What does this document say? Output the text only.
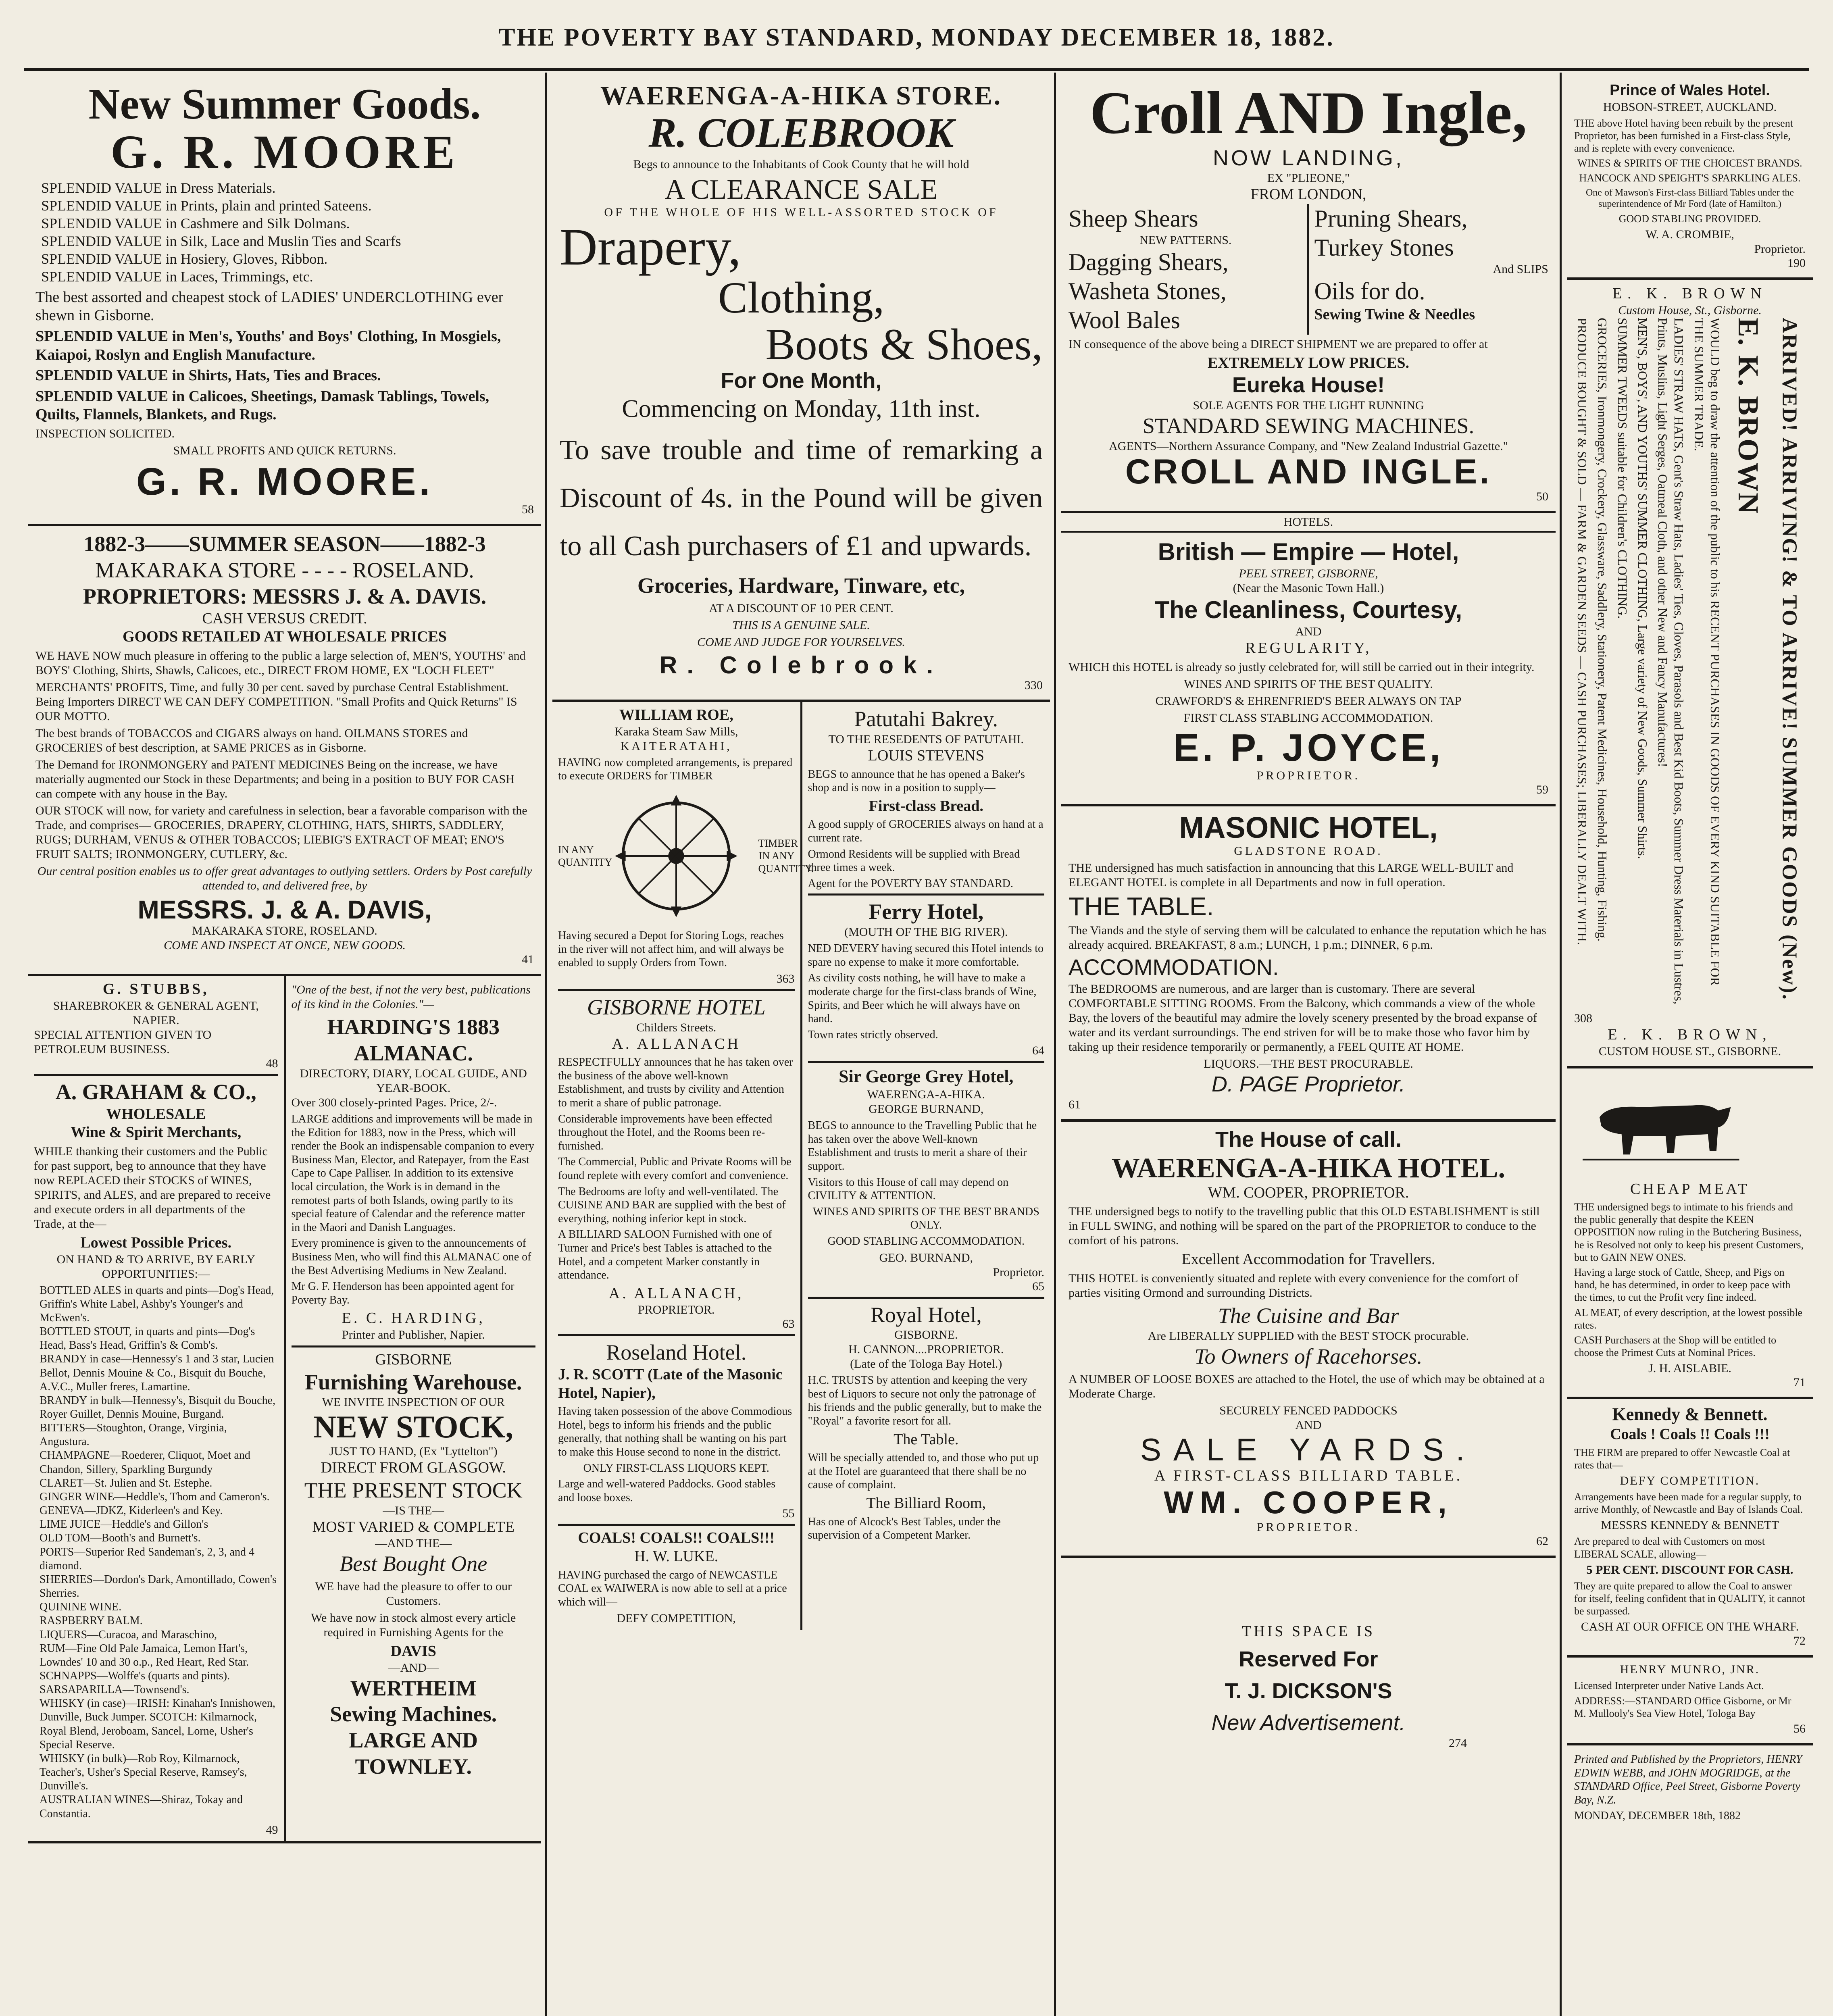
THE POVERTY BAY STANDARD, MONDAY DECEMBER 18, 1882.
New Summer Goods.
G. R. MOORE
SPLENDID VALUE in Dress Materials.
SPLENDID VALUE in Prints, plain and printed Sateens.
SPLENDID VALUE in Cashmere and Silk Dolmans.
SPLENDID VALUE in Silk, Lace and Muslin Ties and Scarfs
SPLENDID VALUE in Hosiery, Gloves, Ribbon.
SPLENDID VALUE in Laces, Trimmings, etc.

The best assorted and cheapest stock of LADIES' UNDERCLOTHING ever shewn in Gisborne.

SPLENDID VALUE in Men's, Youths' and Boys' Clothing, In Mosgiels, Kaiapoi, Roslyn and English Manufacture.

SPLENDID VALUE in Shirts, Hats, Ties and Braces.

SPLENDID VALUE in Calicoes, Sheetings, Damask Tablings, Towels, Quilts, Flannels, Blankets, and Rugs.

INSPECTION SOLICITED.

SMALL PROFITS AND QUICK RETURNS.

G. R. MOORE.
58
1882-3——SUMMER SEASON——1882-3
MAKARAKA STORE - - - - ROSELAND.
PROPRIETORS: MESSRS J. & A. DAVIS.
CASH VERSUS CREDIT.
GOODS RETAILED AT WHOLESALE PRICES

WE HAVE NOW much pleasure in offering to the public a large selection of, MEN'S, YOUTHS' and BOYS' Clothing, Shirts, Shawls, Calicoes, etc., DIRECT FROM HOME, EX "LOCH FLEET"

MERCHANTS' PROFITS, Time, and fully 30 per cent. saved by purchase Central Establishment. Being Importers DIRECT WE CAN DEFY COMPETITION. "Small Profits and Quick Returns" IS OUR MOTTO.

The best brands of TOBACCOS and CIGARS always on hand. OILMANS STORES and GROCERIES of best description, at SAME PRICES as in Gisborne.

The Demand for IRONMONGERY and PATENT MEDICINES Being on the increase, we have materially augmented our Stock in these Departments; and being in a position to BUY FOR CASH can compete with any house in the Bay.

OUR STOCK will now, for variety and carefulness in selection, bear a favorable comparison with the Trade, and comprises— GROCERIES, DRAPERY, CLOTHING, HATS, SHIRTS, SADDLERY, RUGS; DURHAM, VENUS & OTHER TOBACCOS; LIEBIG'S EXTRACT OF MEAT; ENO'S FRUIT SALTS; IRONMONGERY, CUTLERY, &c.

Our central position enables us to offer great advantages to outlying settlers. Orders by Post carefully attended to, and delivered free, by

MESSRS. J. & A. DAVIS,
MAKARAKA STORE, ROSELAND.
COME AND INSPECT AT ONCE, NEW GOODS.
41
G. STUBBS,
SHAREBROKER & GENERAL AGENT, NAPIER.
SPECIAL ATTENTION GIVEN TO PETROLEUM BUSINESS.
48
A. GRAHAM & CO.,
WHOLESALE
Wine & Spirit Merchants,

WHILE thanking their customers and the Public for past support, beg to announce that they have now REPLACED their STOCKS of WINES, SPIRITS, and ALES, and are prepared to receive and execute orders in all departments of the Trade, at the—

Lowest Possible Prices.
ON HAND & TO ARRIVE, BY EARLY OPPORTUNITIES:—
BOTTLED ALES in quarts and pints—Dog's Head, Griffin's White Label, Ashby's Younger's and McEwen's.
BOTTLED STOUT, in quarts and pints—Dog's Head, Bass's Head, Griffin's & Comb's.
BRANDY in case—Hennessy's 1 and 3 star, Lucien Bellot, Dennis Mouine & Co., Bisquit du Bouche, A.V.C., Muller freres, Lamartine.
BRANDY in bulk—Hennessy's, Bisquit du Bouche, Royer Guillet, Dennis Mouine, Burgand.
BITTERS—Stoughton, Orange, Virginia, Angustura.
CHAMPAGNE—Roederer, Cliquot, Moet and Chandon, Sillery, Sparkling Burgundy
CLARET—St. Julien and St. Estephe.
GINGER WINE—Heddle's, Thom and Cameron's.
GENEVA—JDKZ, Kiderleen's and Key.
LIME JUICE—Heddle's and Gillon's
OLD TOM—Booth's and Burnett's.
PORTS—Superior Red Sandeman's, 2, 3, and 4 diamond.
SHERRIES—Dordon's Dark, Amontillado, Cowen's Sherries.
QUININE WINE.
RASPBERRY BALM.
LIQUERS—Curacoa, and Maraschino,
RUM—Fine Old Pale Jamaica, Lemon Hart's, Lowndes' 10 and 30 o.p., Red Heart, Red Star.
SCHNAPPS—Wolffe's (quarts and pints).
SARSAPARILLA—Townsend's.
WHISKY (in case)—IRISH: Kinahan's Innishowen, Dunville, Buck Jumper. SCOTCH: Kilmarnock, Royal Blend, Jeroboam, Sancel, Lorne, Usher's Special Reserve.
WHISKY (in bulk)—Rob Roy, Kilmarnock, Teacher's, Usher's Special Reserve, Ramsey's, Dunville's.
AUSTRALIAN WINES—Shiraz, Tokay and Constantia.
49

"One of the best, if not the very best, publications of its kind in the Colonies."—

HARDING'S 1883 ALMANAC.
DIRECTORY, DIARY, LOCAL GUIDE, AND YEAR-BOOK.
Over 300 closely-printed Pages. Price, 2/-.

LARGE additions and improvements will be made in the Edition for 1883, now in the Press, which will render the Book an indispensable companion to every Business Man, Elector, and Ratepayer, from the East Cape to Cape Palliser. In addition to its extensive local circulation, the Work is in demand in the remotest parts of both Islands, owing partly to its special feature of Calendar and the reference matter in the Maori and Danish Languages.

Every prominence is given to the announcements of Business Men, who will find this ALMANAC one of the Best Advertising Mediums in New Zealand.

Mr G. F. Henderson has been appointed agent for Poverty Bay.

E. C. HARDING,
Printer and Publisher, Napier.
GISBORNE
Furnishing Warehouse.
WE INVITE INSPECTION OF OUR
NEW STOCK,
JUST TO HAND, (Ex "Lyttelton")
DIRECT FROM GLASGOW.
THE PRESENT STOCK
—IS THE—
MOST VARIED & COMPLETE
—AND THE—
Best Bought One

WE have had the pleasure to offer to our Customers.

We have now in stock almost every article required in Furnishing Agents for the

DAVIS
—AND—
WERTHEIM
Sewing Machines.
LARGE AND TOWNLEY.
WAERENGA-A-HIKA STORE.
R. COLEBROOK

Begs to announce to the Inhabitants of Cook County that he will hold

A CLEARANCE SALE
OF THE WHOLE OF HIS WELL-ASSORTED STOCK OF
Drapery,
Clothing,
Boots & Shoes,
For One Month,
Commencing on Monday, 11th inst.

To save trouble and time of remarking a Discount of 4s. in the Pound will be given to all Cash purchasers of £1 and upwards.

Groceries, Hardware, Tinware, etc,

AT A DISCOUNT OF 10 PER CENT.

THIS IS A GENUINE SALE.

COME AND JUDGE FOR YOURSELVES.

R. Colebrook.
330
WILLIAM ROE,
Karaka Steam Saw Mills,
KAITERATAHI,

HAVING now completed arrangements, is prepared to execute ORDERS for TIMBER

IN ANY QUANTITY
TIMBER IN ANY QUANTITY.

Having secured a Depot for Storing Logs, reaches in the river will not affect him, and will always be enabled to supply Orders from Town.

363
GISBORNE HOTEL
Childers Streets.
A. ALLANACH

RESPECTFULLY announces that he has taken over the business of the above well-known Establishment, and trusts by civility and Attention to merit a share of public patronage.

Considerable improvements have been effected throughout the Hotel, and the Rooms been re-furnished.

The Commercial, Public and Private Rooms will be found replete with every comfort and convenience.

The Bedrooms are lofty and well-ventilated. The CUISINE AND BAR are supplied with the best of everything, nothing inferior kept in stock.

A BILLIARD SALOON Furnished with one of Turner and Price's best Tables is attached to the Hotel, and a competent Marker constantly in attendance.

A. ALLANACH,
PROPRIETOR.
63
Roseland Hotel.
J. R. SCOTT (Late of the Masonic Hotel, Napier),

Having taken possession of the above Commodious Hotel, begs to inform his friends and the public generally, that nothing shall be wanting on his part to make this House second to none in the district.

ONLY FIRST-CLASS LIQUORS KEPT.

Large and well-watered Paddocks. Good stables and loose boxes.

55
COALS! COALS!! COALS!!!
H. W. LUKE.

HAVING purchased the cargo of NEWCASTLE COAL ex WAIWERA is now able to sell at a price which will—

DEFY COMPETITION,
Patutahi Bakrey.
TO THE RESEDENTS OF PATUTAHI.
LOUIS STEVENS

BEGS to announce that he has opened a Baker's shop and is now in a position to supply—

First-class Bread.

A good supply of GROCERIES always on hand at a current rate.

Ormond Residents will be supplied with Bread three times a week.

Agent for the POVERTY BAY STANDARD.

Ferry Hotel,
(MOUTH OF THE BIG RIVER).

NED DEVERY having secured this Hotel intends to spare no expense to make it more comfortable.

As civility costs nothing, he will have to make a moderate charge for the first-class brands of Wine, Spirits, and Beer which he will always have on hand.

Town rates strictly observed.

64
Sir George Grey Hotel,
WAERENGA-A-HIKA.
GEORGE BURNAND,

BEGS to announce to the Travelling Public that he has taken over the above Well-known Establishment and trusts to merit a share of their support.

Visitors to this House of call may depend on CIVILITY & ATTENTION.

WINES AND SPIRITS OF THE BEST BRANDS ONLY.

GOOD STABLING ACCOMMODATION.

GEO. BURNAND,
Proprietor.
65
Royal Hotel,
GISBORNE.
H. CANNON....PROPRIETOR.
(Late of the Tologa Bay Hotel.)

H.C. TRUSTS by attention and keeping the very best of Liquors to secure not only the patronage of his friends and the public generally, but to make the "Royal" a favorite resort for all.

The Table.

Will be specially attended to, and those who put up at the Hotel are guaranteed that there shall be no cause of complaint.

The Billiard Room,

Has one of Alcock's Best Tables, under the supervision of a Competent Marker.

Croll AND Ingle,
NOW LANDING,
EX "PLIEONE,"
FROM LONDON,
Sheep Shears
NEW PATTERNS.
Dagging Shears,
Washeta Stones,
Wool Bales
Pruning Shears,
Turkey Stones
And SLIPS
Oils for do.
Sewing Twine & Needles

IN consequence of the above being a DIRECT SHIPMENT we are prepared to offer at

EXTREMELY LOW PRICES.
Eureka House!
SOLE AGENTS FOR THE LIGHT RUNNING
STANDARD SEWING MACHINES.
AGENTS—Northern Assurance Company, and "New Zealand Industrial Gazette."
CROLL AND INGLE.
50
HOTELS.
British — Empire — Hotel,
PEEL STREET, GISBORNE,
(Near the Masonic Town Hall.)
The Cleanliness, Courtesy,
AND
REGULARITY,

WHICH this HOTEL is already so justly celebrated for, will still be carried out in their integrity.

WINES AND SPIRITS OF THE BEST QUALITY.

CRAWFORD'S & EHRENFRIED'S BEER ALWAYS ON TAP

FIRST CLASS STABLING ACCOMMODATION.

E. P. JOYCE,
PROPRIETOR.
59
MASONIC HOTEL,
GLADSTONE ROAD.

THE undersigned has much satisfaction in announcing that this LARGE WELL-BUILT and ELEGANT HOTEL is complete in all Departments and now in full operation.

THE TABLE.

The Viands and the style of serving them will be calculated to enhance the reputation which he has already acquired. BREAKFAST, 8 a.m.; LUNCH, 1 p.m.; DINNER, 6 p.m.

ACCOMMODATION.

The BEDROOMS are numerous, and are larger than is customary. There are several COMFORTABLE SITTING ROOMS. From the Balcony, which commands a view of the whole Bay, the lovers of the beautiful may admire the lovely scenery presented by the broad expanse of water and its verdant surroundings. The end striven for will be to make those who favor him by taking up their residence temporarily or permanently, a FEEL QUITE AT HOME.

LIQUORS.—THE BEST PROCURABLE.
D. PAGE Proprietor.
61
The House of call.
WAERENGA-A-HIKA HOTEL.
WM. COOPER, PROPRIETOR.

THE undersigned begs to notify to the travelling public that this OLD ESTABLISHMENT is still in FULL SWING, and nothing will be spared on the part of the PROPRIETOR to conduce to the comfort of his patrons.

Excellent Accommodation for Travellers.

THIS HOTEL is conveniently situated and replete with every convenience for the comfort of parties visiting Ormond and surrounding Districts.

The Cuisine and Bar
Are LIBERALLY SUPPLIED with the BEST STOCK procurable.
To Owners of Racehorses.

A NUMBER OF LOOSE BOXES are attached to the Hotel, the use of which may be obtained at a Moderate Charge.

SECURELY FENCED PADDOCKS
AND
SALE YARDS.
A FIRST-CLASS BILLIARD TABLE.
WM. COOPER,
PROPRIETOR.
62
THIS SPACE IS
Reserved For
T. J. DICKSON'S
New Advertisement.
274
Prince of Wales Hotel.
HOBSON-STREET, AUCKLAND.

THE above Hotel having been rebuilt by the present Proprietor, has been furnished in a First-class Style, and is replete with every convenience.

WINES & SPIRITS OF THE CHOICEST BRANDS.

HANCOCK AND SPEIGHT'S SPARKLING ALES.

One of Mawson's First-class Billiard Tables under the superintendence of Mr Ford (late of Hamilton.)

GOOD STABLING PROVIDED.

W. A. CROMBIE,
Proprietor.
190
E. K. BROWN
Custom House, St., Gisborne.
PRODUCE BOUGHT & SOLD — FARM & GARDEN SEEDS — CASH PURCHASES; LIBERALLY DEALT WITH. GROCERIES, Ironmongery, Crockery, Glassware, Saddlery, Stationery, Patent Medicines, Household, Hunting, Fishing. SUMMER TWEEDS suitable for Children's CLOTHING. MEN'S, BOYS', AND YOUTHS' SUMMER CLOTHING, Large variety of New Goods, Summer Shirts.	LADIES' STRAW HATS, Gent's Straw Hats, Ladies' Ties, Gloves, Parasols and Best Kid Boots, Summer Dress Materials in Lustres, Prints, Muslins, Light Serges, Oatmeal Cloth, and other New and Fancy Manufactures!	WOULD beg to draw the attention of the public to his RECENT PURCHASES IN GOODS OF EVERY KIND SUITABLE FOR THE SUMMER TRADE. E. K. BROWN ARRIVED! ARRIVING! & TO ARRIVE! SUMMER GOODS (New).
308
E. K. BROWN,
CUSTOM HOUSE ST., GISBORNE.
CHEAP MEAT

THE undersigned begs to intimate to his friends and the public generally that despite the KEEN OPPOSITION now ruling in the Butchering Business, he is Resolved not only to keep his present Customers, but to GAIN NEW ONES.

Having a large stock of Cattle, Sheep, and Pigs on hand, he has determined, in order to keep pace with the times, to cut the Profit very fine indeed.

AL MEAT, of every description, at the lowest possible rates.

CASH Purchasers at the Shop will be entitled to choose the Primest Cuts at Nominal Prices.

J. H. AISLABIE.
71
Kennedy & Bennett.
Coals ! Coals !! Coals !!!

THE FIRM are prepared to offer Newcastle Coal at rates that—

DEFY COMPETITION.

Arrangements have been made for a regular supply, to arrive Monthly, of Newcastle and Bay of Islands Coal.

MESSRS KENNEDY & BENNETT

Are prepared to deal with Customers on most LIBERAL SCALE, allowing—

5 PER CENT. DISCOUNT FOR CASH.

They are quite prepared to allow the Coal to answer for itself, feeling confident that in QUALITY, it cannot be surpassed.

CASH AT OUR OFFICE ON THE WHARF.
72
HENRY MUNRO, JNR.

Licensed Interpreter under Native Lands Act.

ADDRESS:—STANDARD Office Gisborne, or Mr M. Mullooly's Sea View Hotel, Tologa Bay

56

Printed and Published by the Proprietors, HENRY EDWIN WEBB, and JOHN MOGRIDGE, at the STANDARD Office, Peel Street, Gisborne Poverty Bay, N.Z.

MONDAY, DECEMBER 18th, 1882
